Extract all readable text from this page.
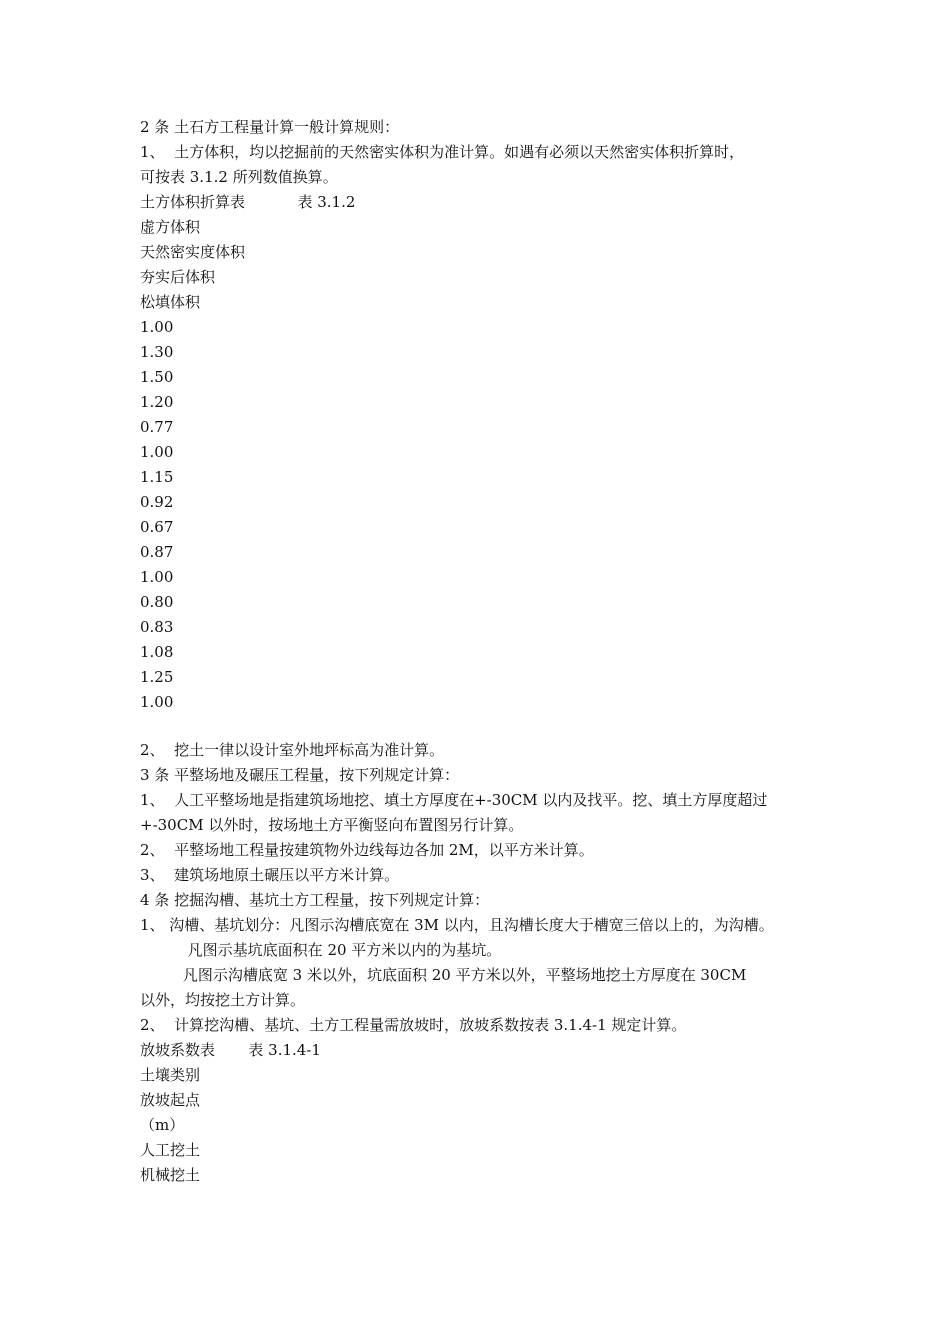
2 条 土石方工程量计算一般计算规则：
1、  土方体积，均以挖掘前的天然密实体积为准计算。如遇有必须以天然密实体积折算时，
可按表 3.1.2 所列数值换算。
土方体积折算表           表 3.1.2
虚方体积
天然密实度体积
夯实后体积
松填体积
1.00
1.30
1.50
1.20
0.77
1.00
1.15
0.92
0.67
0.87
1.00
0.80
0.83
1.08
1.25
1.00
2、  挖土一律以设计室外地坪标高为准计算。
3 条 平整场地及碾压工程量，按下列规定计算：
1、  人工平整场地是指建筑场地挖、填土方厚度在+-30CM 以内及找平。挖、填土方厚度超过
+-30CM 以外时，按场地土方平衡竖向布置图另行计算。
2、  平整场地工程量按建筑物外边线每边各加 2M，以平方米计算。
3、  建筑场地原土碾压以平方米计算。
4 条 挖掘沟槽、基坑土方工程量，按下列规定计算：
1、 沟槽、基坑划分：凡图示沟槽底宽在 3M 以内，且沟槽长度大于槽宽三倍以上的，为沟槽。
凡图示基坑底面积在 20 平方米以内的为基坑。
凡图示沟槽底宽 3 米以外，坑底面积 20 平方米以外，平整场地挖土方厚度在 30CM
以外，均按挖土方计算。
2、  计算挖沟槽、基坑、土方工程量需放坡时，放坡系数按表 3.1.4-1 规定计算。
放坡系数表       表 3.1.4-1
土壤类别
放坡起点
（m）
人工挖土
机械挖土
